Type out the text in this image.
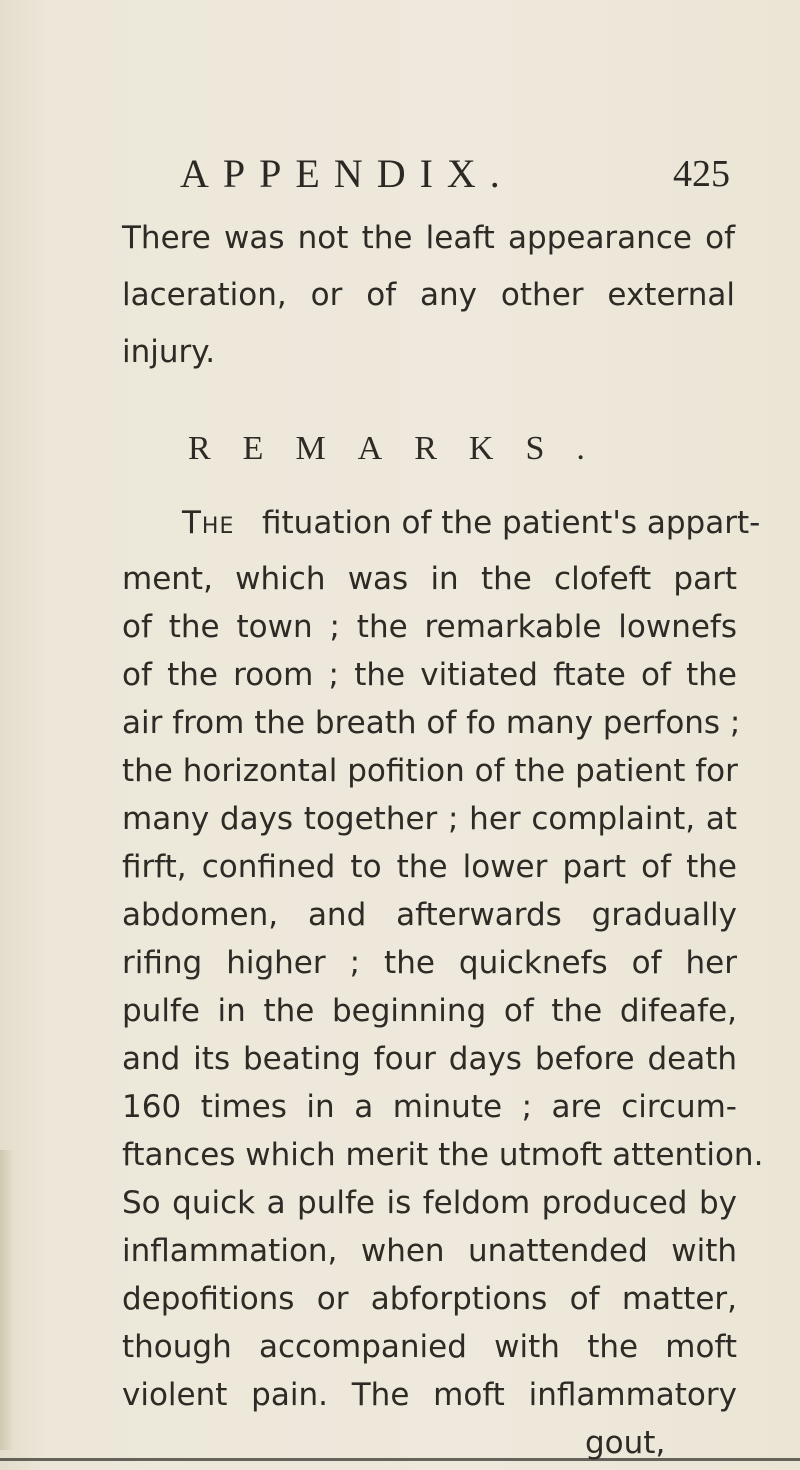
APPENDIX.	425
There was not the leaft appearance of
laceration, or of any other external
injury.
REMARKS.
The fituation of the patient's appart-
ment, which was in the clofeft part
of the town ; the remarkable lownefs
of the room ; the vitiated ftate of the
air from the breath of fo many perfons ;
the horizontal pofition of the patient for
many days together ; her complaint, at
firft, confined to the lower part of the
abdomen, and afterwards gradually
rifing higher ; the quicknefs of her
pulfe in the beginning of the difeafe,
and its beating four days before death
160 times in a minute ; are circum-
ftances which merit the utmoft attention.
So quick a pulfe is feldom produced by
inflammation, when unattended with
depofitions or abforptions of matter,
though accompanied with the moft
violent pain. The moft inflammatory
gout,
